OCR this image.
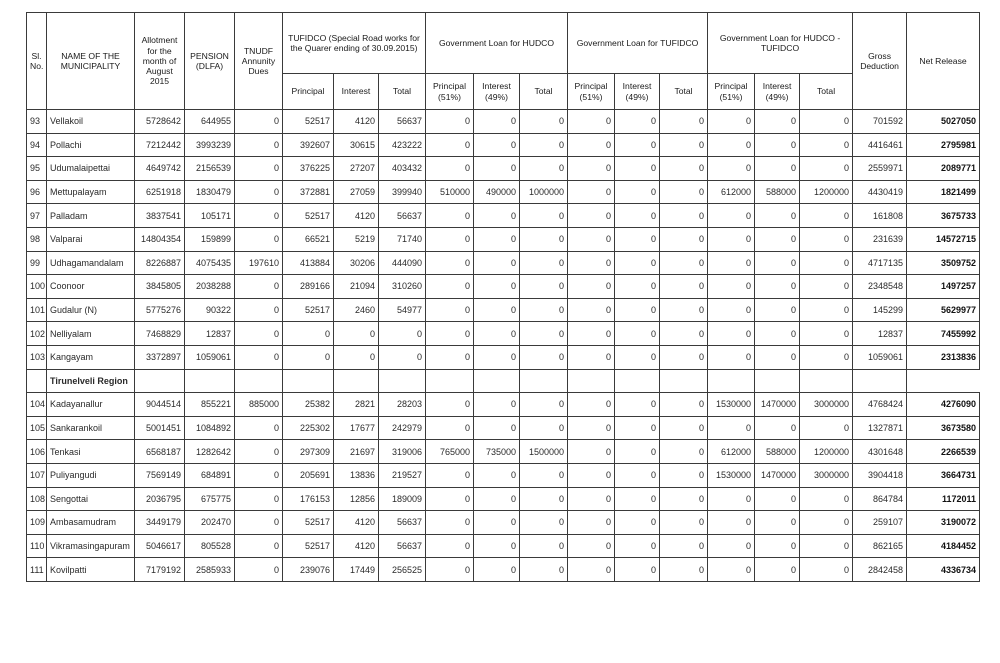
Sl. No.	NAME OF THE MUNICIPALITY	Allotment for the month of August 2015	PENSION (DLFA)	TNUDF Annunity Dues	TUFIDCO (Special Road works for the Quarer ending of 30.09.2015)			Government Loan for HUDCO			Government Loan for TUFIDCO			Government Loan for HUDCO - TUFIDCO			Gross Deduction	Net Release
					Principal	Interest	Total	Principal (51%)	Interest (49%)	Total	Principal (51%)	Interest (49%)	Total	Principal (51%)	Interest (49%)	Total		
93	Vellakoil	5728642	644955	0	52517	4120	56637	0	0	0	0	0	0	0	0	0	701592	5027050
94	Pollachi	7212442	3993239	0	392607	30615	423222	0	0	0	0	0	0	0	0	0	4416461	2795981
95	Udumalaipettai	4649742	2156539	0	376225	27207	403432	0	0	0	0	0	0	0	0	0	2559971	2089771
96	Mettupalayam	6251918	1830479	0	372881	27059	399940	510000	490000	1000000	0	0	0	612000	588000	1200000	4430419	1821499
97	Palladam	3837541	105171	0	52517	4120	56637	0	0	0	0	0	0	0	0	0	161808	3675733
98	Valparai	14804354	159899	0	66521	5219	71740	0	0	0	0	0	0	0	0	0	231639	14572715
99	Udhagamandalam	8226887	4075435	197610	413884	30206	444090	0	0	0	0	0	0	0	0	0	4717135	3509752
100	Coonoor	3845805	2038288	0	289166	21094	310260	0	0	0	0	0	0	0	0	0	2348548	1497257
101	Gudalur (N)	5775276	90322	0	52517	2460	54977	0	0	0	0	0	0	0	0	0	145299	5629977
102	Nelliyalam	7468829	12837	0	0	0	0	0	0	0	0	0	0	0	0	0	12837	7455992
103	Kangayam	3372897	1059061	0	0	0	0	0	0	0	0	0	0	0	0	0	1059061	2313836
	Tirunelveli Region																	
104	Kadayanallur	9044514	855221	885000	25382	2821	28203	0	0	0	0	0	0	1530000	1470000	3000000	4768424	4276090
105	Sankarankoil	5001451	1084892	0	225302	17677	242979	0	0	0	0	0	0	0	0	0	1327871	3673580
106	Tenkasi	6568187	1282642	0	297309	21697	319006	765000	735000	1500000	0	0	0	612000	588000	1200000	4301648	2266539
107	Puliyangudi	7569149	684891	0	205691	13836	219527	0	0	0	0	0	0	1530000	1470000	3000000	3904418	3664731
108	Sengottai	2036795	675775	0	176153	12856	189009	0	0	0	0	0	0	0	0	0	864784	1172011
109	Ambasamudram	3449179	202470	0	52517	4120	56637	0	0	0	0	0	0	0	0	0	259107	3190072
110	Vikramasingapuram	5046617	805528	0	52517	4120	56637	0	0	0	0	0	0	0	0	0	862165	4184452
111	Kovilpatti	7179192	2585933	0	239076	17449	256525	0	0	0	0	0	0	0	0	0	2842458	4336734
